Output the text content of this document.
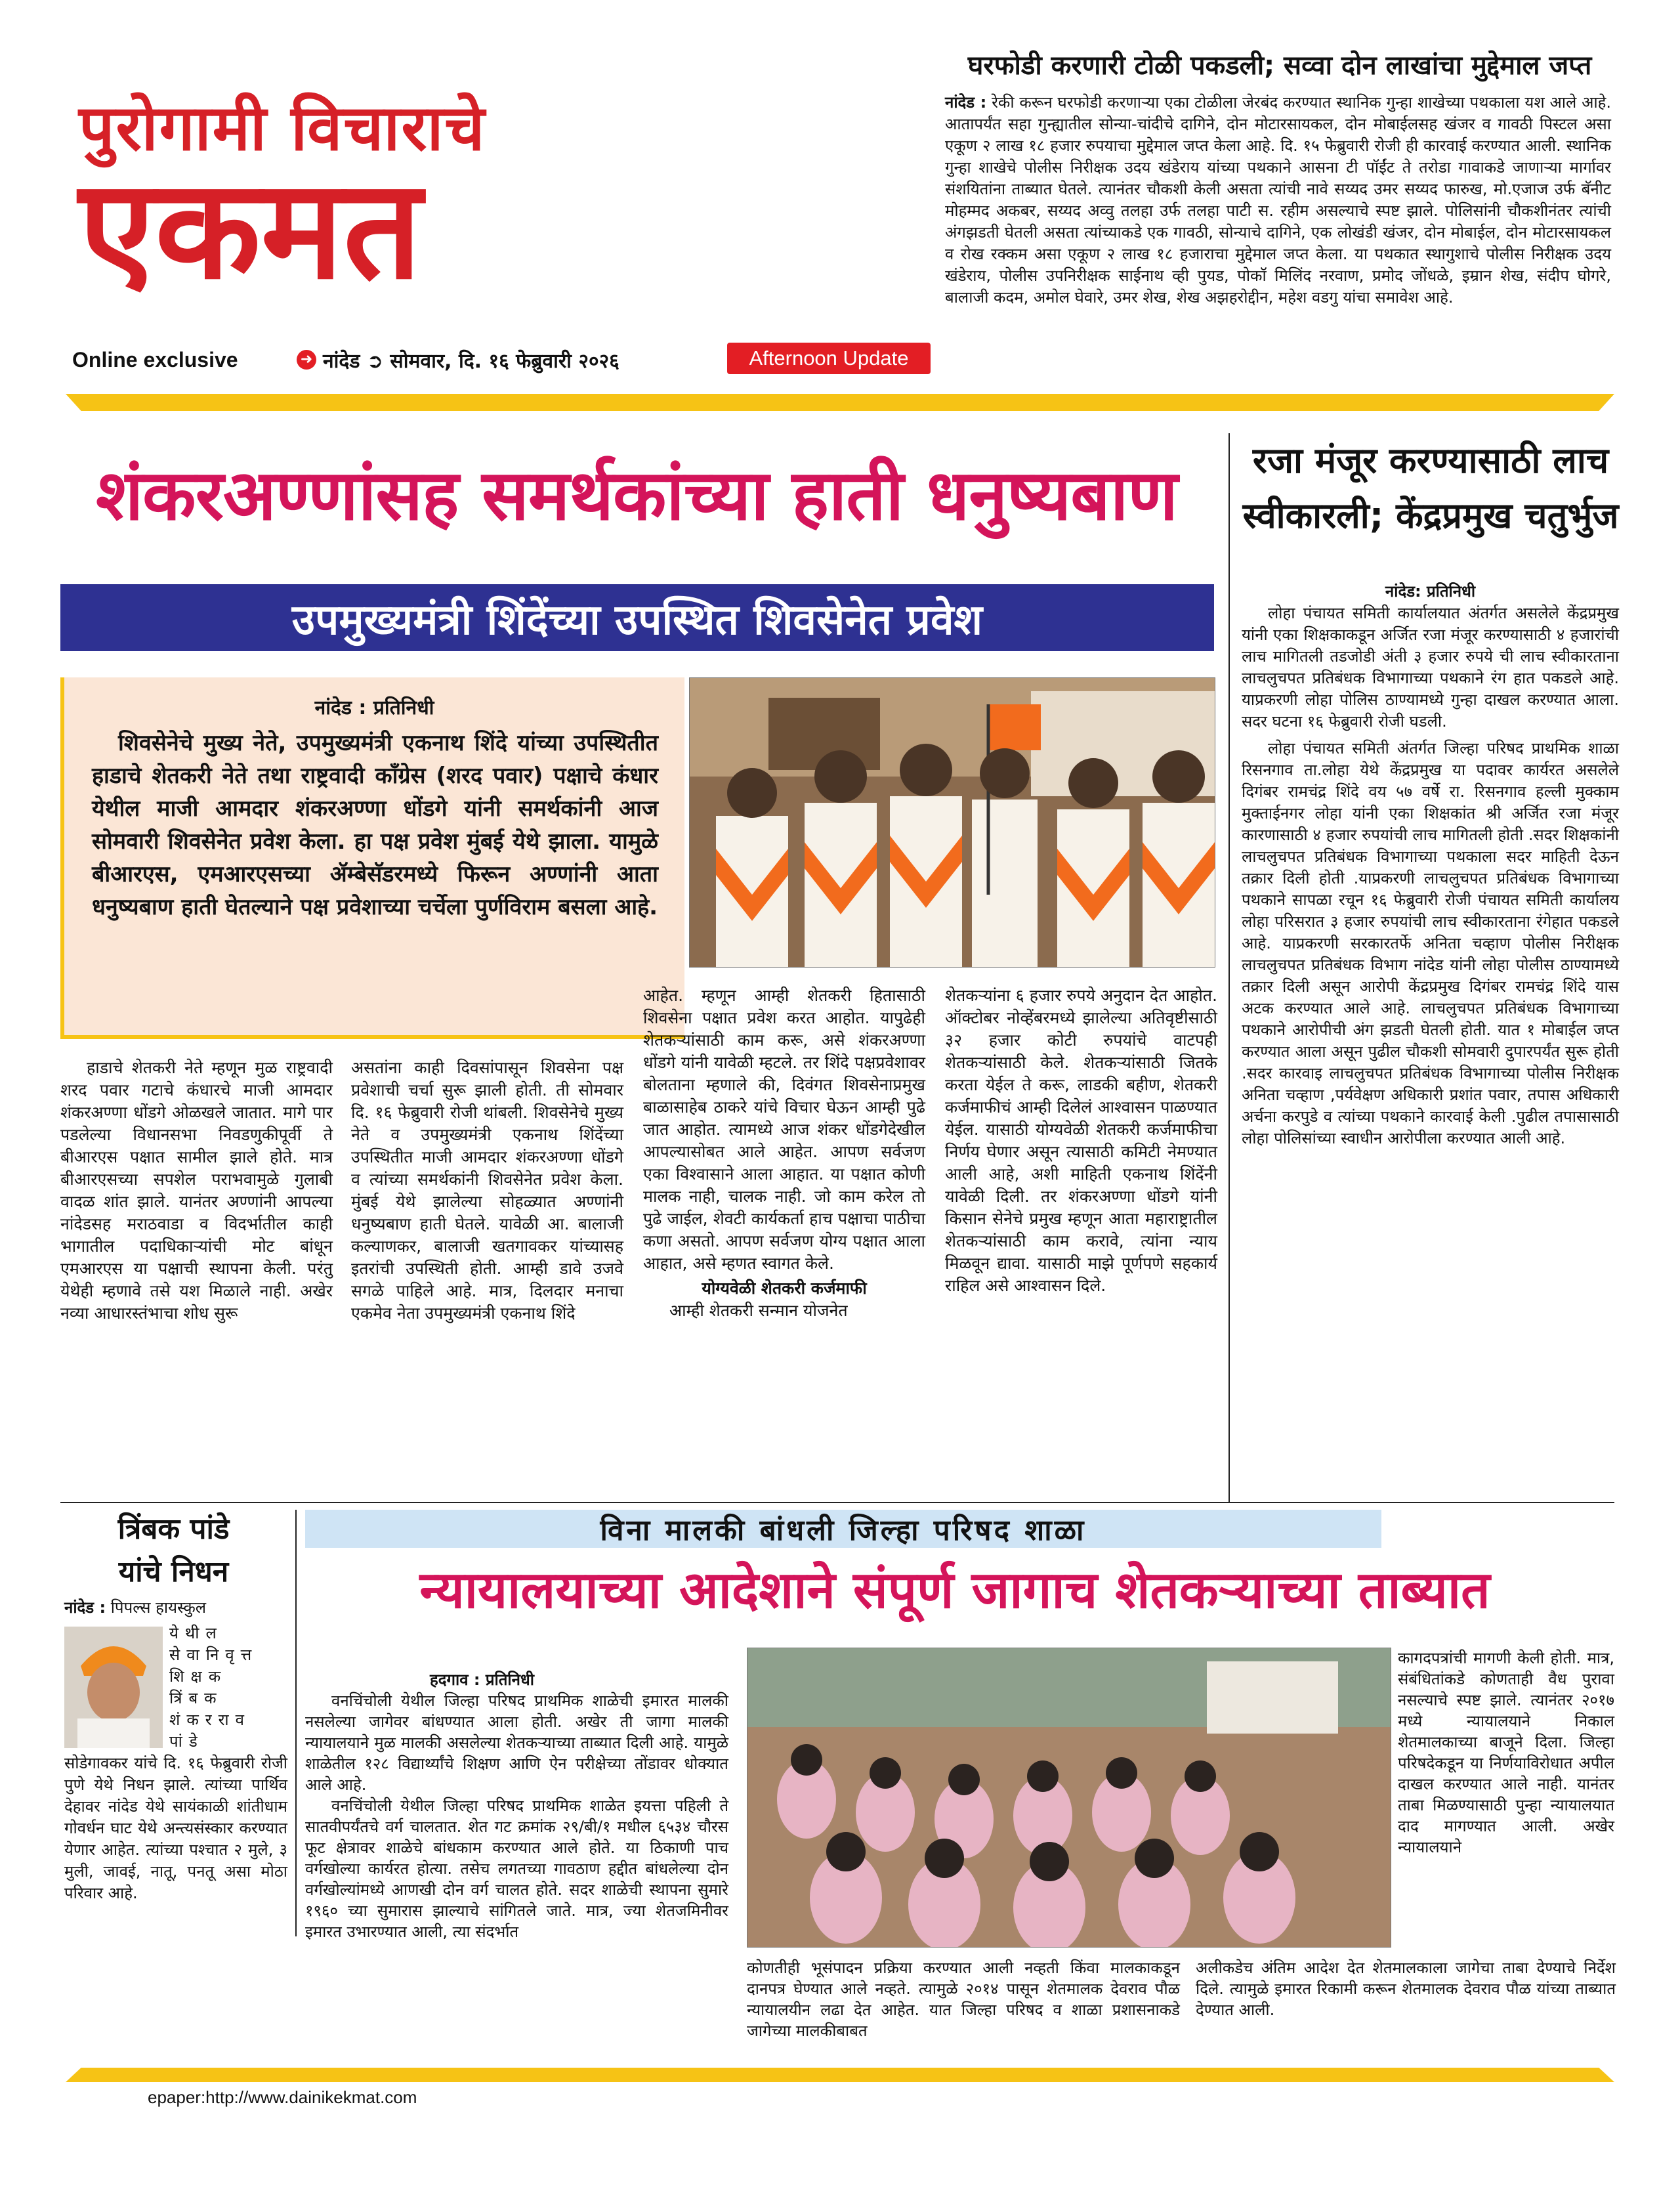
पुरोगामी विचाराचे
एकमत
Online exclusive	➜ नांदेड ➲ सोमवार, दि. १६ फेब्रुवारी २०२६	Afternoon Update
घरफोडी करणारी टोळी पकडली; सव्वा दोन लाखांचा मुद्देमाल जप्त
नांदेड : रेकी करून घरफोडी करणाऱ्या एका टोळीला जेरबंद करण्यात स्थानिक गुन्हा शाखेच्या पथकाला यश आले आहे. आतापर्यंत सहा गुन्ह्यातील सोन्या-चांदीचे दागिने, दोन मोटारसायकल, दोन मोबाईलसह खंजर व गावठी पिस्टल असा एकूण २ लाख १८ हजार रुपयाचा मुद्देमाल जप्त केला आहे. दि. १५ फेब्रुवारी रोजी ही कारवाई करण्यात आली. स्थानिक गुन्हा शाखेचे पोलीस निरीक्षक उदय खंडेराय यांच्या पथकाने आसना टी पॉईंट ते तरोडा गावाकडे जाणाऱ्या मार्गावर संशयितांना ताब्यात घेतले. त्यानंतर चौकशी केली असता त्यांची नावे सय्यद उमर सय्यद फारुख, मो.एजाज उर्फ बॅनीट मोहम्मद अकबर, सय्यद अव्वु तलहा उर्फ तलहा पाटी स. रहीम असल्याचे स्पष्ट झाले. पोलिसांनी चौकशीनंतर त्यांची अंगझडती घेतली असता त्यांच्याकडे एक गावठी, सोन्याचे दागिने, एक लोखंडी खंजर, दोन मोबाईल, दोन मोटारसायकल व रोख रक्कम असा एकूण २ लाख १८ हजाराचा मुद्देमाल जप्त केला. या पथकात स्थागुशाचे पोलीस निरीक्षक उदय खंडेराय, पोलीस उपनिरीक्षक साईनाथ व्ही पुयड, पोकॉ मिलिंद नरवाण, प्रमोद जोंधळे, इम्रान शेख, संदीप घोगरे, बालाजी कदम, अमोल घेवारे, उमर शेख, शेख अझहरोद्दीन, महेश वडगु यांचा समावेश आहे.
शंकरअण्णांसह समर्थकांच्या हाती धनुष्यबाण
उपमुख्यमंत्री शिंदेंच्या उपस्थित शिवसेनेत प्रवेश
नांदेड : प्रतिनिधी
शिवसेनेचे मुख्य नेते, उपमुख्यमंत्री एकनाथ शिंदे यांच्या उपस्थितीत हाडाचे शेतकरी नेते तथा राष्ट्रवादी कॉंग्रेस (शरद पवार) पक्षाचे कंधार येथील माजी आमदार शंकरअण्णा धोंडगे यांनी समर्थकांनी आज सोमवारी शिवसेनेत प्रवेश केला. हा पक्ष प्रवेश मुंबई येथे झाला. यामुळे बीआरएस, एमआरएसच्या ॲम्बेसॅडरमध्ये फिरून अण्णांनी आता धनुष्यबाण हाती घेतल्याने पक्ष प्रवेशाच्या चर्चेला पुर्णविराम बसला आहे.

हाडाचे शेतकरी नेते म्हणून मुळ राष्ट्रवादी शरद पवार गटाचे कंधारचे माजी आमदार शंकरअण्णा धोंडगे ओळखले जातात. मागे पार पडलेल्या विधानसभा निवडणुकीपूर्वी ते बीआरएस पक्षात सामील झाले होते. मात्र बीआरएसच्या सपशेल पराभवामुळे गुलाबी वादळ शांत झाले. यानंतर अण्णांनी आपल्या नांदेडसह मराठवाडा व विदर्भातील काही भागातील पदाधिकाऱ्यांची मोट बांधून एमआरएस या पक्षाची स्थापना केली. परंतु येथेही म्हणावे तसे यश मिळाले नाही. अखेर नव्या आधारस्तंभाचा शोध सुरू

असतांना काही दिवसांपासून शिवसेना पक्ष प्रवेशाची चर्चा सुरू झाली होती. ती सोमवार दि. १६ फेब्रुवारी रोजी थांबली. शिवसेनेचे मुख्य नेते व उपमुख्यमंत्री एकनाथ शिंदेंच्या उपस्थितीत माजी आमदार शंकरअण्णा धोंडगे व त्यांच्या समर्थकांनी शिवसेनेत प्रवेश केला. मुंबई येथे झालेल्या सोहळ्यात अण्णांनी धनुष्यबाण हाती घेतले. यावेळी आ. बालाजी कल्याणकर, बालाजी खतगावकर यांच्यासह इतरांची उपस्थिती होती. आम्ही डावे उजवे सगळे पाहिले आहे. मात्र, दिलदार मनाचा एकमेव नेता उपमुख्यमंत्री एकनाथ शिंदे

आहेत. म्हणून आम्ही शेतकरी हितासाठी शिवसेना पक्षात प्रवेश करत आहोत. यापुढेही शेतकऱ्यांसाठी काम करू, असे शंकरअण्णा धोंडगे यांनी यावेळी म्हटले. तर शिंदे पक्षप्रवेशावर बोलताना म्हणाले की, दिवंगत शिवसेनाप्रमुख बाळासाहेब ठाकरे यांचे विचार घेऊन आम्ही पुढे जात आहोत. त्यामध्ये आज शंकर धोंडगेदेखील आपल्यासोबत आले आहेत. आपण सर्वजण एका विश्वासाने आला आहात. या पक्षात कोणी मालक नाही, चालक नाही. जो काम करेल तो पुढे जाईल, शेवटी कार्यकर्ता हाच पक्षाचा पाठीचा कणा असतो. आपण सर्वजण योग्य पक्षात आला आहात, असे म्हणत स्वागत केले.

योग्यवेळी शेतकरी कर्जमाफी

आम्ही शेतकरी सन्मान योजनेत

शेतकऱ्यांना ६ हजार रुपये अनुदान देत आहोत. ऑक्टोबर नोव्हेंबरमध्ये झालेल्या अतिवृष्टीसाठी ३२ हजार कोटी रुपयांचे वाटपही शेतकऱ्यांसाठी केले. शेतकऱ्यांसाठी जितके करता येईल ते करू, लाडकी बहीण, शेतकरी कर्जमाफीचं आम्ही दिलेलं आश्वासन पाळण्यात येईल. यासाठी योग्यवेळी शेतकरी कर्जमाफीचा निर्णय घेणार असून त्यासाठी कमिटी नेमण्यात आली आहे, अशी माहिती एकनाथ शिंदेंनी यावेळी दिली. तर शंकरअण्णा धोंडगे यांनी किसान सेनेचे प्रमुख म्हणून आता महाराष्ट्रातील शेतकऱ्यांसाठी काम करावे, त्यांना न्याय मिळवून द्यावा. यासाठी माझे पूर्णपणे सहकार्य राहिल असे आश्वासन दिले.

रजा मंजूर करण्यासाठी लाच स्वीकारली; केंद्रप्रमुख चतुर्भुज
नांदेड: प्रतिनिधी

लोहा पंचायत समिती कार्यालयात अंतर्गत असलेले केंद्रप्रमुख यांनी एका शिक्षकाकडून अर्जित रजा मंजूर करण्यासाठी ४ हजारांची लाच मागितली तडजोडी अंती ३ हजार रुपये ची लाच स्वीकारताना लाचलुचपत प्रतिबंधक विभागाच्या पथकाने रंग हात पकडले आहे. याप्रकरणी लोहा पोलिस ठाण्यामध्ये गुन्हा दाखल करण्यात आला. सदर घटना १६ फेब्रुवारी रोजी घडली.

लोहा पंचायत समिती अंतर्गत जिल्हा परिषद प्राथमिक शाळा रिसनगाव ता.लोहा येथे केंद्रप्रमुख या पदावर कार्यरत असलेले दिगंबर रामचंद्र शिंदे वय ५७ वर्षे रा. रिसनगाव हल्ली मुक्काम मुक्ताईनगर लोहा यांनी एका शिक्षकांत श्री अर्जित रजा मंजूर कारणासाठी ४ हजार रुपयांची लाच मागितली होती .सदर शिक्षकांनी लाचलुचपत प्रतिबंधक विभागाच्या पथकाला सदर माहिती देऊन तक्रार दिली होती .याप्रकरणी लाचलुचपत प्रतिबंधक विभागाच्या पथकाने सापळा रचून १६ फेब्रुवारी रोजी पंचायत समिती कार्यालय लोहा परिसरात ३ हजार रुपयांची लाच स्वीकारताना रंगेहात पकडले आहे. याप्रकरणी सरकारतर्फे अनिता चव्हाण पोलीस निरीक्षक लाचलुचपत प्रतिबंधक विभाग नांदेड यांनी लोहा पोलीस ठाण्यामध्ये तक्रार दिली असून आरोपी केंद्रप्रमुख दिगंबर रामचंद्र शिंदे यास अटक करण्यात आले आहे. लाचलुचपत प्रतिबंधक विभागाच्या पथकाने आरोपीची अंग झडती घेतली होती. यात १ मोबाईल जप्त करण्यात आला असून पुढील चौकशी सोमवारी दुपारपर्यंत सुरू होती .सदर कारवाइ लाचलुचपत प्रतिबंधक विभागाच्या पोलीस निरीक्षक अनिता चव्हाण ,पर्यवेक्षण अधिकारी प्रशांत पवार, तपास अधिकारी अर्चना करपुडे व त्यांच्या पथकाने कारवाई केली .पुढील तपासासाठी लोहा पोलिसांच्या स्वाधीन आरोपीला करण्यात आली आहे.

त्रिंबक पांडे
यांचे निधन
नांदेड : पिपल्स हायस्कुल
येथील सेवानिवृत्त शिक्षक त्रिंबक शंकरराव पांडे
सोडेगावकर यांचे दि. १६ फेब्रुवारी रोजी पुणे येथे निधन झाले. त्यांच्या पार्थिव देहावर नांदेड येथे सायंकाळी शांतीधाम गोवर्धन घाट येथे अन्त्यसंस्कार करण्यात येणार आहेत. त्यांच्या पश्चात २ मुले, ३ मुली, जावई, नातू, पनतू असा मोठा परिवार आहे.
विना मालकी बांधली जिल्हा परिषद शाळा
न्यायालयाच्या आदेशाने संपूर्ण जागाच शेतकऱ्याच्या ताब्यात
हदगाव : प्रतिनिधी

वनचिंचोली येथील जिल्हा परिषद प्राथमिक शाळेची इमारत मालकी नसलेल्या जागेवर बांधण्यात आला होती. अखेर ती जागा मालकी न्यायालयाने मुळ मालकी असलेल्या शेतकऱ्याच्या ताब्यात दिली आहे. यामुळे शाळेतील १२८ विद्यार्थ्यांचे शिक्षण आणि ऐन परीक्षेच्या तोंडावर धोक्यात आले आहे.

वनचिंचोली येथील जिल्हा परिषद प्राथमिक शाळेत इयत्ता पहिली ते सातवीपर्यंतचे वर्ग चालतात. शेत गट क्रमांक २९/बी/१ मधील ६५३४ चौरस फूट क्षेत्रावर शाळेचे बांधकाम करण्यात आले होते. या ठिकाणी पाच वर्गखोल्या कार्यरत होत्या. तसेच लगतच्या गावठाण हद्दीत बांधलेल्या दोन वर्गखोल्यांमध्ये आणखी दोन वर्ग चालत होते. सदर शाळेची स्थापना सुमारे १९६० च्या सुमारास झाल्याचे सांगितले जाते. मात्र, ज्या शेतजमिनीवर इमारत उभारण्यात आली, त्या संदर्भात

कोणतीही भूसंपादन प्रक्रिया करण्यात आली नव्हती किंवा मालकाकडून दानपत्र घेण्यात आले नव्हते. त्यामुळे २०१४ पासून शेतमालक देवराव पौळ न्यायालयीन लढा देत आहेत. यात जिल्हा परिषद व शाळा प्रशासनाकडे जागेच्या मालकीबाबत

कागदपत्रांची मागणी केली होती. मात्र, संबंधितांकडे कोणताही वैध पुरावा नसल्याचे स्पष्ट झाले. त्यानंतर २०१७ मध्ये न्यायालयाने निकाल शेतमालकाच्या बाजूने दिला. जिल्हा परिषदेकडून या निर्णयाविरोधात अपील दाखल करण्यात आले नाही. यानंतर ताबा मिळण्यासाठी पुन्हा न्यायालयात दाद मागण्यात आली. अखेर न्यायालयाने

अलीकडेच अंतिम आदेश देत शेतमालकाला जागेचा ताबा देण्याचे निर्देश दिले. त्यामुळे इमारत रिकामी करून शेतमालक देवराव पौळ यांच्या ताब्यात देण्यात आली.

epaper:http://www.dainikekmat.com
